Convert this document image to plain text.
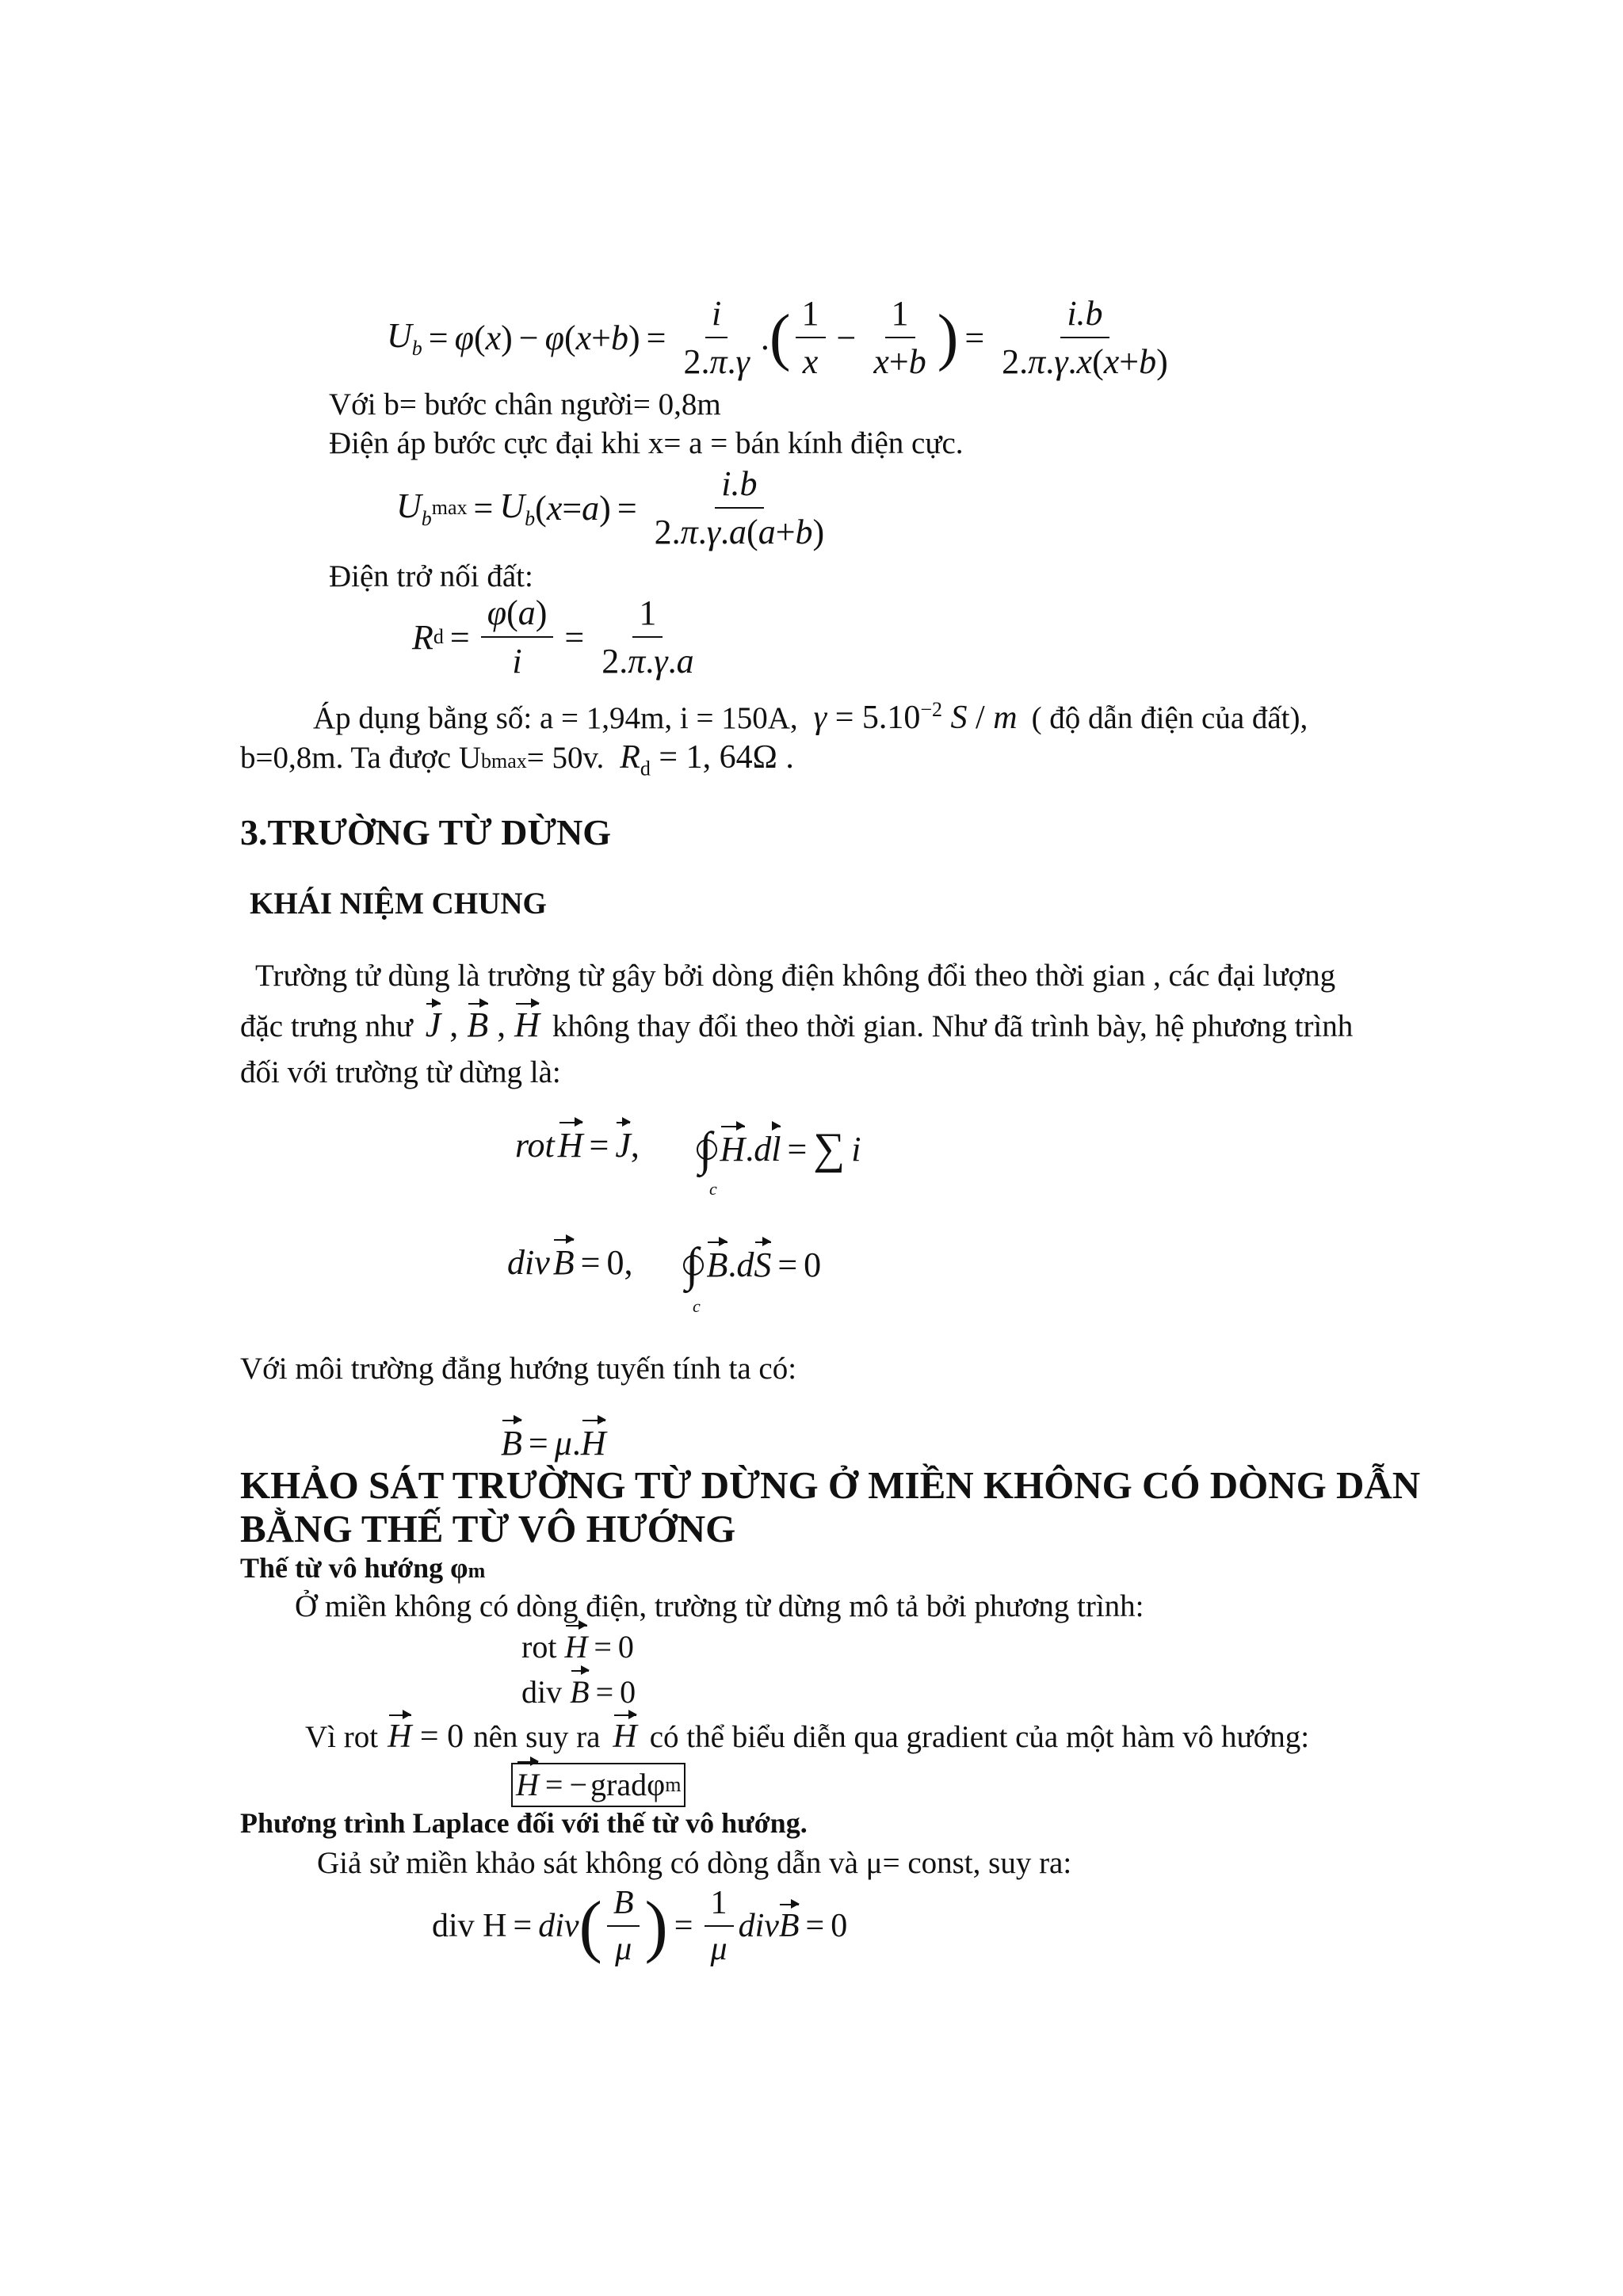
$U_b = \varphi$ ( x ) − φ ( x + b ) = $\frac{i}{2.\pi.\gamma}$ . ( $\frac{1}{x} - \frac{1}{x+b}$ ) = $\frac{i.b}{2.\pi.\gamma.x(x+b)}$
Với b= bước chân người= 0,8m
Điện áp bước cực đại khi x= a = bán kính điện cực.
$U_b$ $\max = U_b$ ( x = a ) = $\frac{i.b}{2.\pi.\gamma.a(a+b)}$
Điện trở nối đất:
R $d = \frac{\varphi(a)}{i} = \frac{1}{2.\pi.\gamma.a}$
Áp dụng bằng số: a = 1,94m, i = 150A, $\gamma = 5.10^{-2}$ S / m ( độ dẫn điện của đất),
b=0,8m. Ta được U bmax = 50v. $R_d = 1$, 64Ω .
3.TRƯỜNG TỪ DỪNG
KHÁI NIỆM CHUNG
Trường tử dùng là trường từ gây bởi dòng điện không đổi theo thời gian , các đại lượng
đặc trưng như J , B , H không thay đổi theo thời gian. Như đã trình bày, hệ phương trình
đối với trường từ dừng là:
rot H = J , ∫ H . d l = ∑ i
c
div B = 0, ∫ B . d S = 0
c
Với môi trường đẳng hướng tuyến tính ta có:
B = μ . H
KHẢO SÁT TRƯỜNG TỪ DỪNG Ở MIỀN KHÔNG CÓ DÒNG DẪN
BẰNG THẾ TỪ VÔ HƯỚNG
Thế từ vô hướng φm
Ở miền không có dòng điện, trường từ dừng mô tả bởi phương trình:
rot H = 0
div B = 0
Vì rot H = 0 nên suy ra H có thể biểu diễn qua gradient của một hàm vô hướng:
H = − grad φ m
Phương trình Laplace đối với thế từ vô hướng.
Giả sử miền khảo sát không có dòng dẫn và μ= const, suy ra:
div H = div ( $\frac{B}{\mu}$ ) = $\frac{1}{\mu}$ div B = 0
